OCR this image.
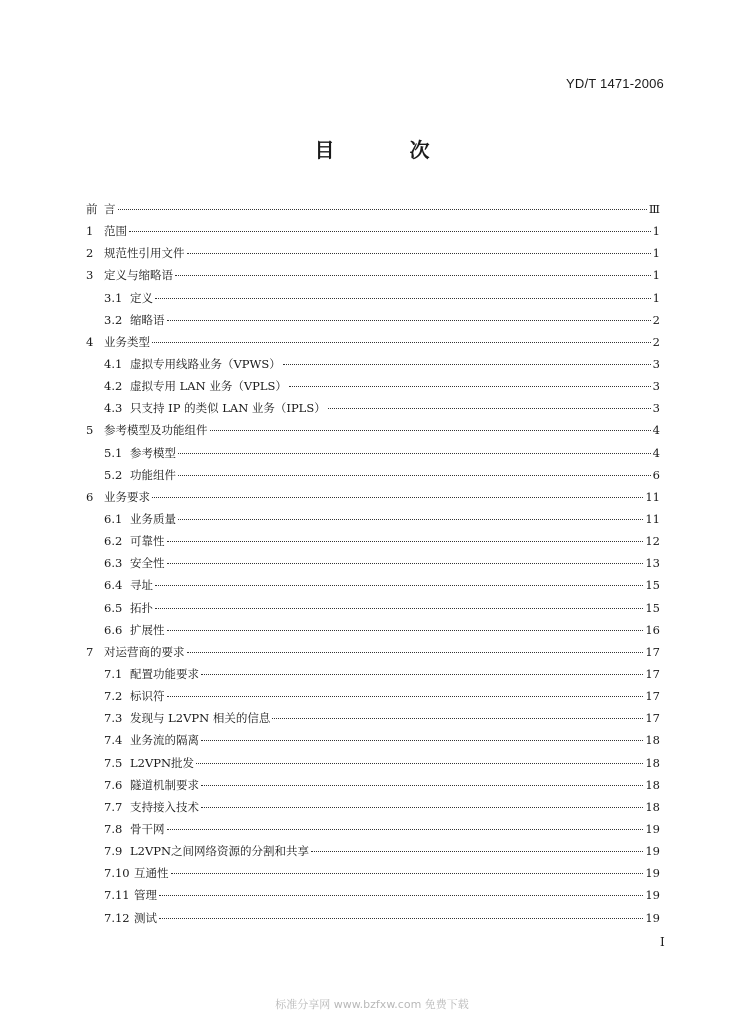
YD/T 1471-2006
目 次
前 言	Ⅲ
1 范围	1
2 规范性引用文件	1
3 定义与缩略语	1
3.1 定义	1
3.2 缩略语	2
4 业务类型	2
4.1 虚拟专用线路业务（VPWS）	3
4.2 虚拟专用 LAN 业务（VPLS）	3
4.3 只支持 IP 的类似 LAN 业务（IPLS）	3
5 参考模型及功能组件	4
5.1 参考模型	4
5.2 功能组件	6
6 业务要求	11
6.1 业务质量	11
6.2 可靠性	12
6.3 安全性	13
6.4 寻址	15
6.5 拓扑	15
6.6 扩展性	16
7 对运营商的要求	17
7.1 配置功能要求	17
7.2 标识符	17
7.3 发现与 L2VPN 相关的信息	17
7.4 业务流的隔离	18
7.5 L2VPN批发	18
7.6 隧道机制要求	18
7.7 支持接入技术	18
7.8 骨干网	19
7.9 L2VPN之间网络资源的分割和共享	19
7.10 互通性	19
7.11 管理	19
7.12 测试	19
I
标准分享网 www.bzfxw.com 免费下载
